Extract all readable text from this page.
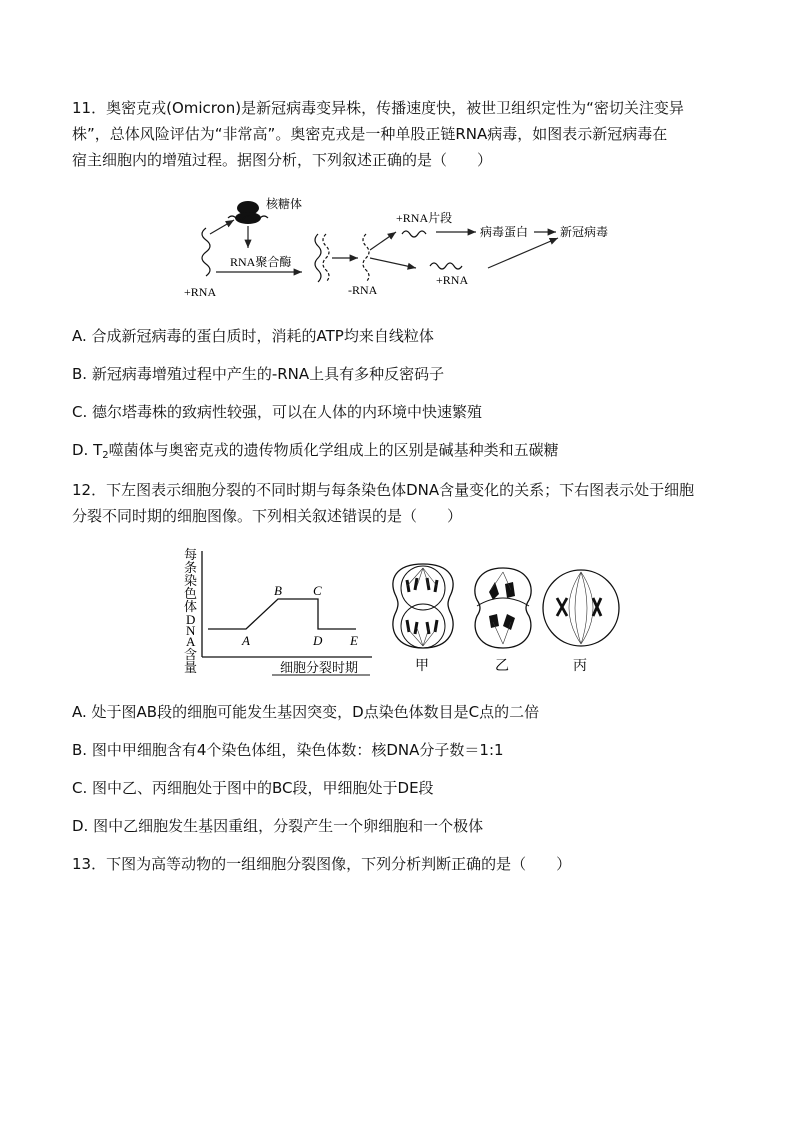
11．奥密克戎(Omicron)是新冠病毒变异株，传播速度快，被世卫组织定性为“密切关注变异
株”，总体风险评估为“非常高”。奥密克戎是一种单股正链RNA病毒，如图表示新冠病毒在
宿主细胞内的增殖过程。据图分析，下列叙述正确的是（　　）
核糖体
+RNA
RNA聚合酶
-RNA
+RNA片段
病毒蛋白	新冠病毒
+RNA
A. 合成新冠病毒的蛋白质时，消耗的ATP均来自线粒体
B. 新冠病毒增殖过程中产生的-RNA上具有多种反密码子
C. 德尔塔毒株的致病性较强，可以在人体的内环境中快速繁殖
D. $T_2$噬菌体与奥密克戎的遗传物质化学组成上的区别是碱基种类和五碳糖
12．下左图表示细胞分裂的不同时期与每条染色体DNA含量变化的关系；下右图表示处于细胞
分裂不同时期的细胞图像。下列相关叙述错误的是（　　）
每
条
染
色
体
D
N
A
含
量
A
B C
D E
细胞分裂时期	甲	乙	丙
A. 处于图AB段的细胞可能发生基因突变，D点染色体数目是C点的二倍
B. 图中甲细胞含有4个染色体组，染色体数：核DNA分子数＝1:1
C. 图中乙、丙细胞处于图中的BC段，甲细胞处于DE段
D. 图中乙细胞发生基因重组，分裂产生一个卵细胞和一个极体
13．下图为高等动物的一组细胞分裂图像，下列分析判断正确的是（　　）
